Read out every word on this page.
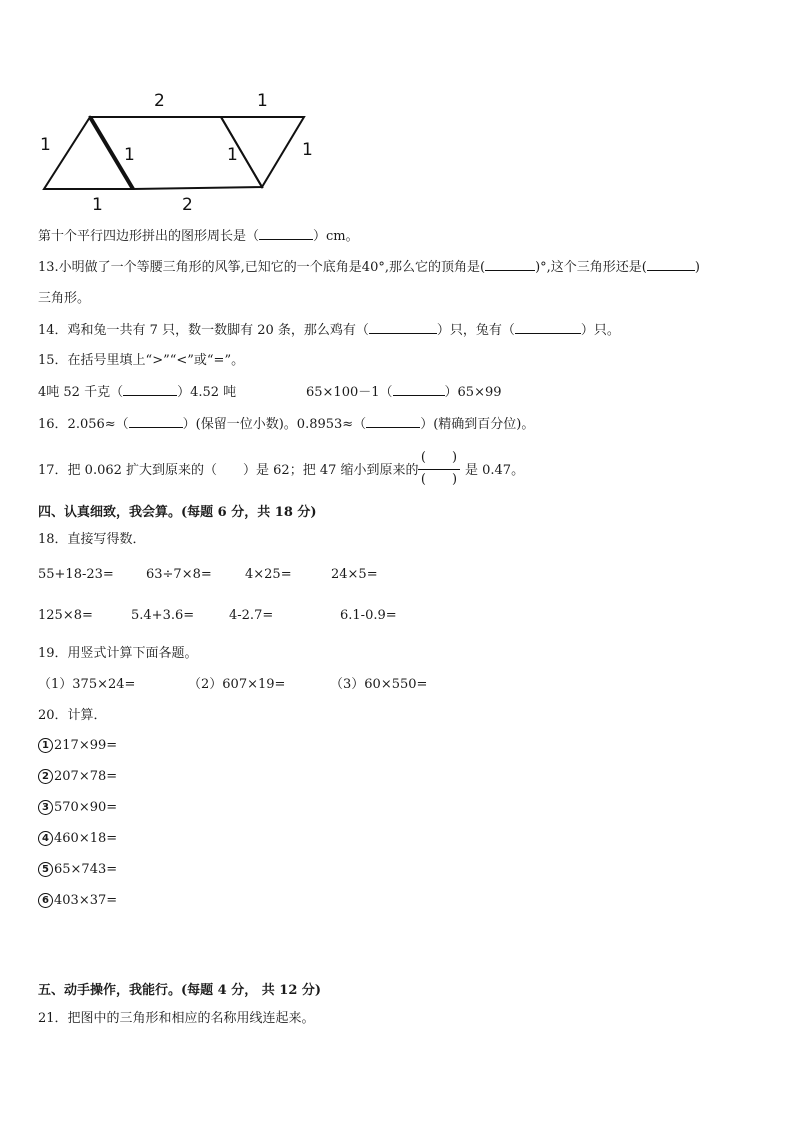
2	1
1	1	1	1
1	2
第十个平行四边形拼出的图形周长是（	）cm。
13.小明做了一个等腰三角形的风筝,已知它的一个底角是40°,那么它的顶角是(	)°,这个三角形还是(	)
三角形。
14．鸡和兔一共有 7 只，数一数脚有 20 条，那么鸡有（	）只，兔有（	）只。
15．在括号里填上“>”“<”或“=”。
4吨 52 千克（	）4.52 吨	65×100－1（	）65×99
16．2.056≈（	）(保留一位小数)。0.8953≈（	）(精确到百分位)。
17．把 0.062 扩大到原来的（ ）是 62；把 47 缩小到原来的
(　　)
(　　)
是 0.47。
四、认真细致，我会算。(每题 6 分，共 18 分)
18．直接写得数．
55+18-23= 63÷7×8=	4×25=	24×5=
125×8=	5.4+3.6=	4-2.7=	6.1-0.9=
19．用竖式计算下面各题。
（1）375×24=	（2）607×19=	（3）60×550=
20．计算．
1 217×99=
2 207×78=
3 570×90=
4 460×18=
5 65×743=
6 403×37=
五、动手操作，我能行。(每题 4 分， 共 12 分)
21．把图中的三角形和相应的名称用线连起来。
